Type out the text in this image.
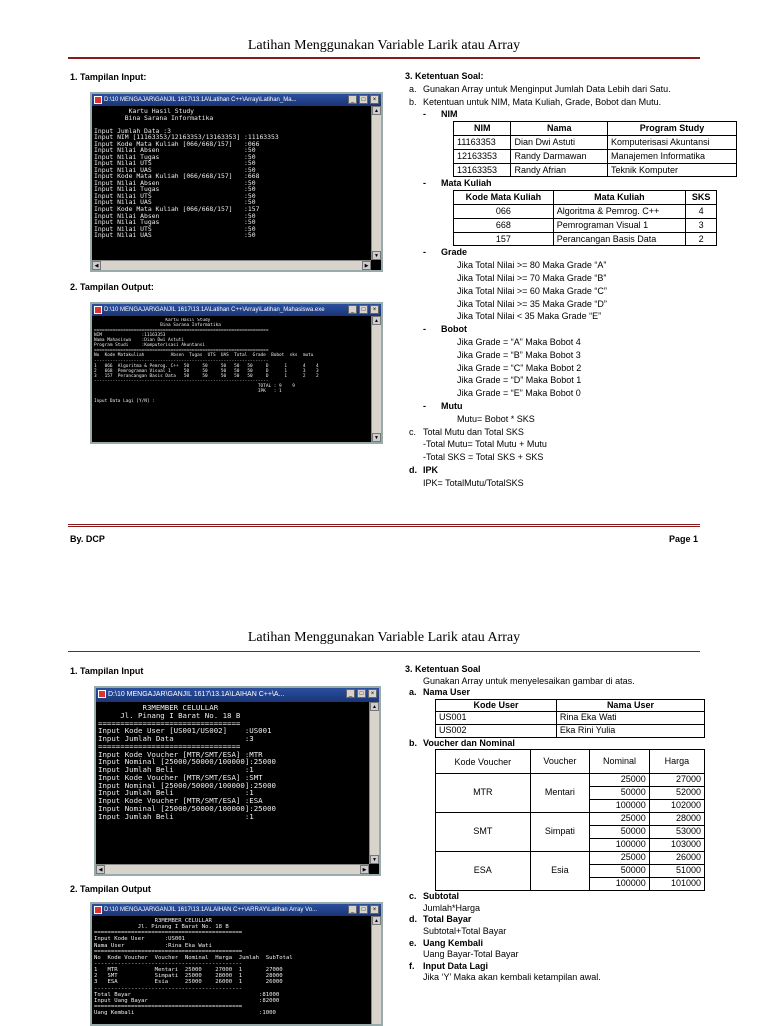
Latihan Menggunakan Variable Larik atau Array
1. Tampilan Input:
D:\10 MENGAJAR\GANJIL 1617\13.1A\Latihan C++\Array\Latihan_Ma...	_	□	×
Kartu Hasil Study
Bina Sarana Informatika

Input Jumlah Data :3
Input NIM [11163353/12163353/13163353] :11163353
Input Kode Mata Kuliah [066/668/157]   :066
Input Nilai Absen                      :50
Input Nilai Tugas                      :50
Input Nilai UTS                        :50
Input Nilai UAS                        :50
Input Kode Mata Kuliah [066/668/157]   :668
Input Nilai Absen                      :50
Input Nilai Tugas                      :50
Input Nilai UTS                        :50
Input Nilai UAS                        :50
Input Kode Mata Kuliah [066/668/157]   :157
Input Nilai Absen                      :50
Input Nilai Tugas                      :50
Input Nilai UTS                        :50
Input Nilai UAS                        :50
▲
▼
◀	▶
2. Tampilan Output:
D:\10 MENGAJAR\GANJIL 1617\13.1A\Latihan C++\Array\Latihan_Mahasiswa.exe	_	□	×
Kartu Hasil Study
Bina Sarana Informatika
==================================================================
NIM               :11163353
Nama Mahasiswa    :Dian Dwi Astuti
Program Studi     :Komputerisasi Akuntansi
==================================================================
No  Kode Matakuliah          Absen  Tugas  UTS  UAS  Total  Grade  Bobot  sks  mutu
------------------------------------------------------------------
1   066  Algoritma & Pemrog. C++  50     50     50   50   50     D      1      4    4
2   668  Pemrograman Visual 1     50     50     50   50   50     D      1      3    3
3   157  Perancangan Basis Data   50     50     50   50   50     D      1      2    2
------------------------------------------------------------------
TOTAL : 9    9
IPK   : 1

Input Data Lagi [Y/N] :
▲
▼
3. Ketentuan Soal:
a. Gunakan Array untuk Menginput Jumlah Data Lebih dari Satu.
b. Ketentuan untuk NIM, Mata Kuliah, Grade, Bobot dan Mutu.
- NIM
NIM	Nama	Program Study
11163353	Dian Dwi Astuti	Komputerisasi Akuntansi
12163353	Randy Darmawan	Manajemen Informatika
13163353	Randy Afrian	Teknik Komputer
- Mata Kuliah
Kode Mata Kuliah	Mata Kuliah	SKS
066	Algoritma & Pemrog. C++	4
668	Pemrograman Visual 1	3
157	Perancangan Basis Data	2
- Grade
Jika Total Nilai >= 80 Maka Grade “A”
Jika Total Nilai >= 70 Maka Grade “B”
Jika Total Nilai >= 60 Maka Grade “C”
Jika Total Nilai >= 35 Maka Grade “D”
Jika Total Nilai < 35 Maka Grade “E”
- Bobot
Jika Grade = “A” Maka Bobot 4
Jika Grade = “B” Maka Bobot 3
Jika Grade = “C” Maka Bobot 2
Jika Grade = “D” Maka Bobot 1
Jika Grade = “E” Maka Bobot 0
- Mutu
Mutu= Bobot * SKS
c. Total Mutu dan Total SKS
-Total Mutu= Total Mutu + Mutu
-Total SKS = Total SKS + SKS
d. IPK
IPK= TotalMutu/TotalSKS
By. DCP	Page 1
Latihan Menggunakan Variable Larik atau Array
1. Tampilan Input
D:\10 MENGAJAR\GANJIL 1617\13.1A\LAIHAN C++\A...	_	□	×
R3MEMBER CELULLAR
Jl. Pinang I Barat No. 18 B
================================
Input Kode User [US001/US002]    :US001
Input Jumlah Data                :3
================================
Input Kode Voucher [MTR/SMT/ESA] :MTR
Input Nominal [25000/50000/100000]:25000
Input Jumlah Beli                :1
Input Kode Voucher [MTR/SMT/ESA] :SMT
Input Nominal [25000/50000/100000]:25000
Input Jumlah Beli                :1
Input Kode Voucher [MTR/SMT/ESA] :ESA
Input Nominal [25000/50000/100000]:25000
Input Jumlah Beli                :1
▲
▼
◀	▶
2. Tampilan Output
D:\10 MENGAJAR\GANJIL 1617\13.1A\LAIHAN C++\ARRAY\Latihan Array Vo...	_	□	×
R3MEMBER CELULLAR
Jl. Pinang I Barat No. 18 B
============================================
Input Kode User      :US001
Nama User            :Rina Eka Wati
============================================
No  Kode Voucher  Voucher  Nominal  Harga  Jumlah  SubTotal
--------------------------------------------
1   MTR           Mentari  25000    27000  1       27000
2   SMT           Simpati  25000    28000  1       28000
3   ESA           Esia     25000    26000  1       26000
--------------------------------------------
Total Bayar                                      :81000
Input Uang Bayar                                 :82000
============================================
Uang Kembali                                     :1000
▲
3. Ketentuan Soal
Gunakan Array untuk menyelesaikan gambar di atas.
a. Nama User
Kode User	Nama User
US001	Rina Eka Wati
US002	Eka Rini Yulia
b. Voucher dan Nominal
Kode Voucher	Voucher	Nominal	Harga
MTR	Mentari	25000	27000
		50000	52000
		100000	102000
SMT	Simpati	25000	28000
		50000	53000
		100000	103000
ESA	Esia	25000	26000
		50000	51000
		100000	101000
c. Subtotal
Jumlah*Harga
d. Total Bayar
Subtotal+Total Bayar
e. Uang Kembali
Uang Bayar-Total Bayar
f. Input Data Lagi
Jika ‘Y’ Maka akan kembali ketampilan awal.
